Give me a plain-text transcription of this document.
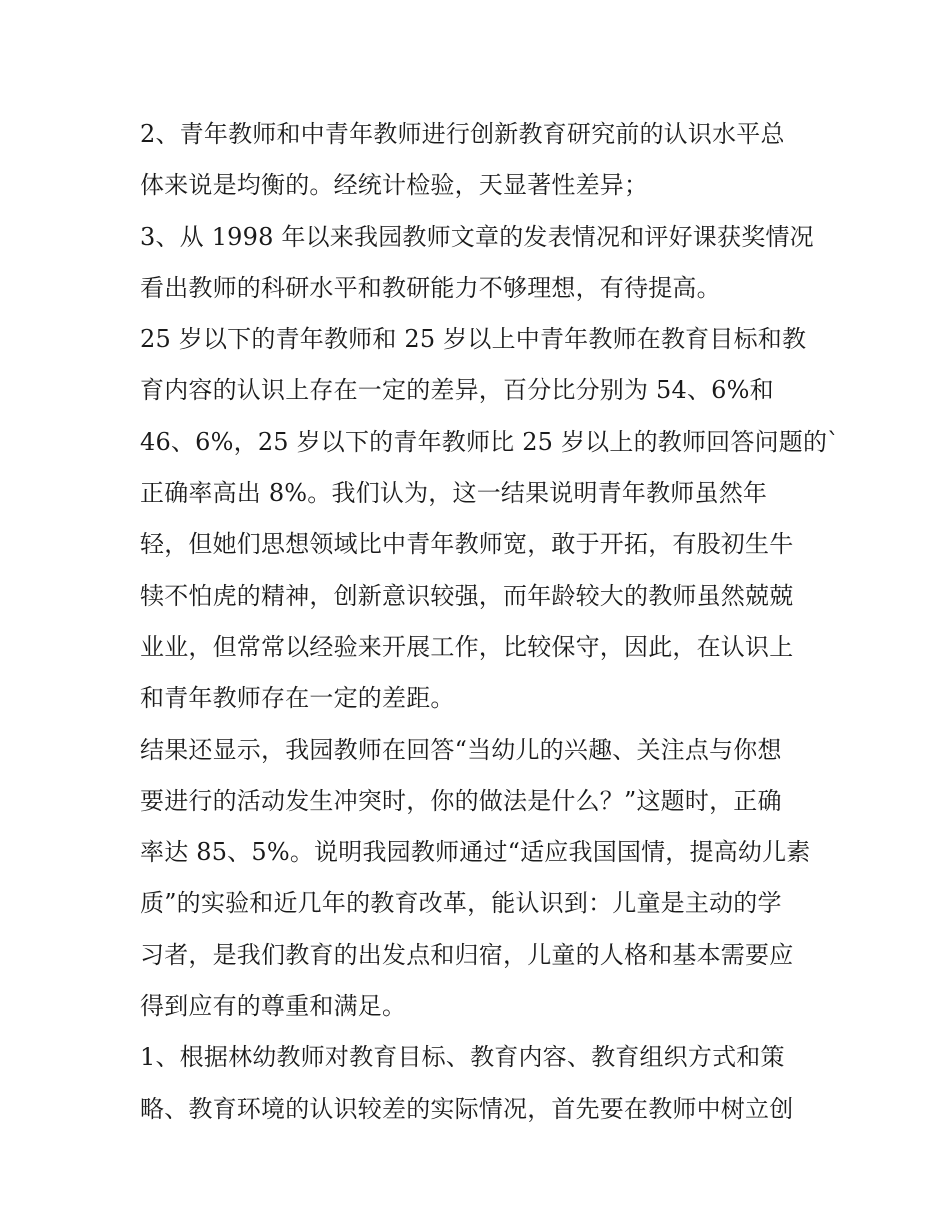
2、青年教师和中青年教师进行创新教育研究前的认识水平总
体来说是均衡的。经统计检验，天显著性差异；
3、从 1998 年以来我园教师文章的发表情况和评好课获奖情况
看出教师的科研水平和教研能力不够理想，有待提高。
25 岁以下的青年教师和 25 岁以上中青年教师在教育目标和教
育内容的认识上存在一定的差异，百分比分别为 54、6%和
46、6%，25 岁以下的青年教师比 25 岁以上的教师回答问题的`
正确率高出 8%。我们认为，这一结果说明青年教师虽然年
轻，但她们思想领域比中青年教师宽，敢于开拓，有股初生牛
犊不怕虎的精神，创新意识较强，而年龄较大的教师虽然兢兢
业业，但常常以经验来开展工作，比较保守，因此，在认识上
和青年教师存在一定的差距。
结果还显示，我园教师在回答“当幼儿的兴趣、关注点与你想
要进行的活动发生冲突时，你的做法是什么？”这题时，正确
率达 85、5%。说明我园教师通过“适应我国国情，提高幼儿素
质”的实验和近几年的教育改革，能认识到：儿童是主动的学
习者，是我们教育的出发点和归宿，儿童的人格和基本需要应
得到应有的尊重和满足。
1、根据林幼教师对教育目标、教育内容、教育组织方式和策
略、教育环境的认识较差的实际情况，首先要在教师中树立创
